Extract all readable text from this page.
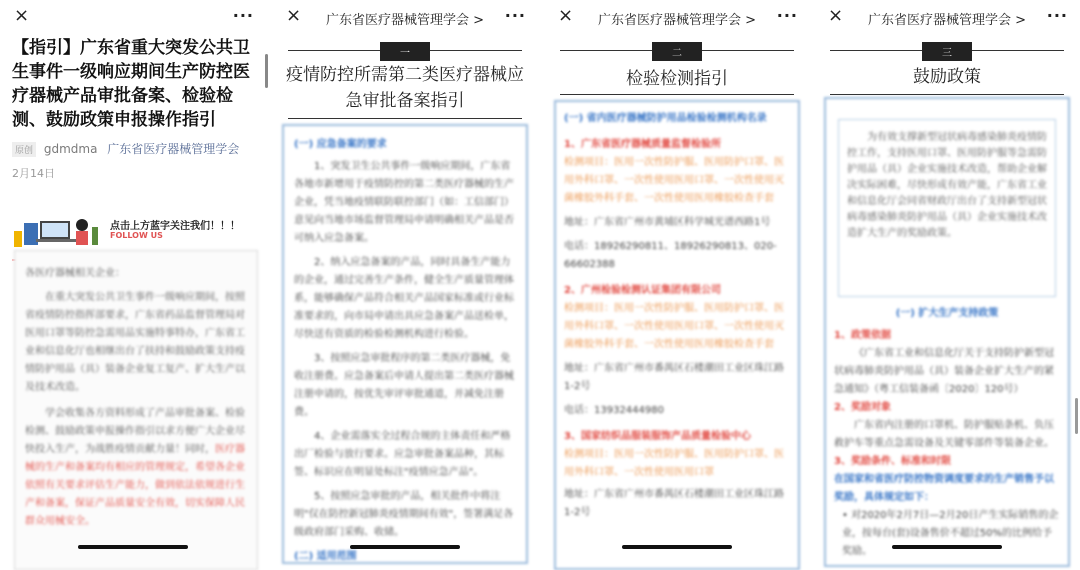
×	···
【指引】广东省重大突发公共卫生事件一级响应期间生产防控医疗器械产品审批备案、检验检测、鼓励政策申报操作指引
原创 gdmdma 广东省医疗器械管理学会
2月14日
点击上方蓝字关注我们！！！
FOLLOW US
各医疗器械相关企业：

在重大突发公共卫生事件一级响应期间，按照省疫情防控指挥部要求，广东省药品监督管理局对医用口罩等防控急需用品实施特事特办，广东省工业和信息化厅也相继出台了扶持和鼓励政策支持疫情防护用品（具）装备企业复工复产、扩大生产以及技术改造。

学会收集各方资料形成了产品审批备案、检验检测、鼓励政策申报操作指引以求方便广大企业尽快投入生产，为战胜疫情贡献力量！同时，医疗器械的生产和备案均有相应的管理规定，希望各企业依照有关要求评估生产能力，做到依法依规进行生产和备案，保证产品质量安全有效，切实保障人民群众用械安全。

×	广东省医疗器械管理学会 >	···
一
疫情防控所需第二类医疗器械应急审批备案指引
(一) 应急备案的要求

1、突发卫生公共事件一级响应期间，广东省各地市新增用于疫情防控的第二类医疗器械的生产企业，凭当地疫情联防联控部门（如：工信部门）意见向当地市场监督管理局申请明确相关产品是否可纳入应急备案。

2、纳入应急备案的产品，同时具备生产能力的企业，通过完善生产条件，健全生产质量管理体系，能够确保产品符合相关产品国家标准或行业标准要求的，向市局申请出具应急备案产品送检单，尽快送有资质的检验检测机构进行检验。

3、按照应急审批程序的第二类医疗器械，免收注册费。应急备案后申请人提出第二类医疗器械注册申请的，按优先审评审批通道，并减免注册费。

4、企业需落实全过程合规的主体责任和严格出厂检验与放行要求。应急审批备案品种，其标签、标识应在明显处标注"疫情应急产品"。

5、按照应急审批的产品，相关批件中将注明"仅在防控新冠肺炎疫情期间有效"，签署满足各级政府部门采购、收储。

(二) 适用范围
×	广东省医疗器械管理学会 >	···
二
检验检测指引
(一) 省内医疗器械防护用品检验检测机构名录
1、广东省医疗器械质量监督检验所
检测项目：医用一次性防护服、医用防护口罩、医用外科口罩、一次性使用医用口罩、一次性使用灭菌橡胶外科手套、一次性使用医用橡胶检查手套
地址：广东省广州市黄埔区科学城光谱西路1号
电话：18926290811、18926290813、020-66602388
2、广州检验检测认证集团有限公司
检测项目：医用一次性防护服、医用防护口罩、医用外科口罩、一次性使用医用口罩、一次性使用灭菌橡胶外科手套、一次性使用医用橡胶检查手套
地址：广东省广州市番禺区石楼潮田工业区珠江路1-2号
电话：13932444980
3、国家纺织品服装服饰产品质量检验中心
检测项目：医用一次性防护服、医用防护口罩、医用外科口罩、一次性使用医用口罩
地址：广东省广州市番禺区石楼潮田工业区珠江路1-2号
×	广东省医疗器械管理学会 >	···
三
鼓励政策
为有效支撑新型冠状病毒感染肺炎疫情防控工作，支持医用口罩、医用防护服等急需防护用品（具）企业实施技术改造，帮助企业解决实际困难，尽快形成有效产能，广东省工业和信息化厅会同省财政厅出台了支持新型冠状病毒感染肺炎防护用品（具）企业实施技术改造扩大生产的奖励政策。
(一) 扩大生产支持政策
1、政策依据
《广东省工业和信息化厅关于支持防护新型冠状病毒肺炎防护用品（具）装备企业扩大生产的紧急通知》（粤工信装备函〔2020〕120号）
2、奖励对象
广东省内注册的口罩机、防护服贴条机、负压救护车等重点急需设备及关键零部件等装备企业。
3、奖励条件、标准和时限
在国家和省医疗防控物资调度要求的生产销售予以奖励，具体规定如下：
• 对2020年2月7日—2月20日产生实际销售的企业，按每台(套)设备售价不超过50%的比例给予奖励。
